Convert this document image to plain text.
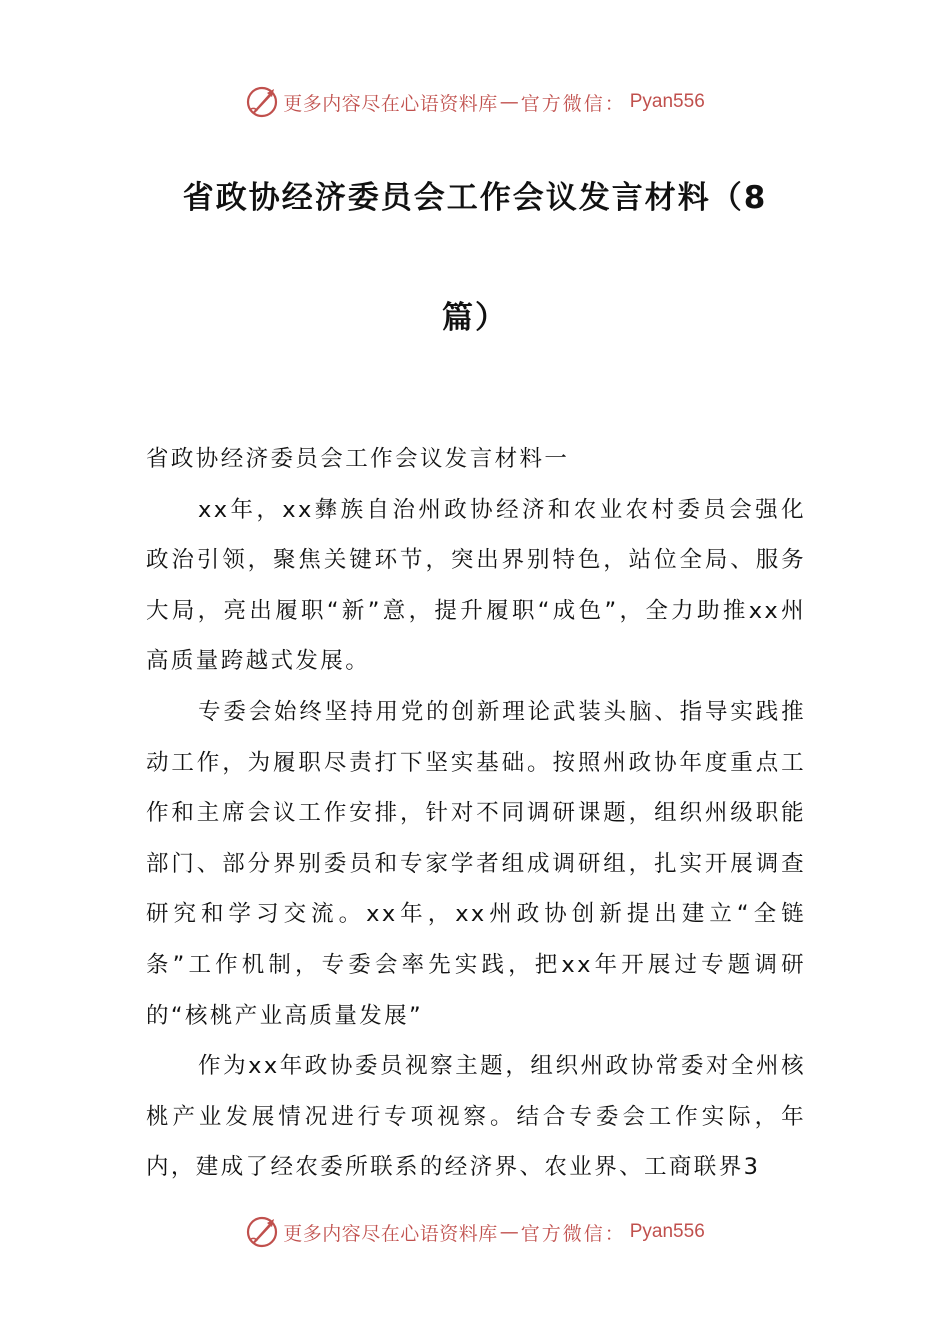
更多内容尽在心语资料库 — 官方微信： Pyan556
省政协经济委员会工作会议发言材料（8
篇）

省政协经济委员会工作会议发言材料一

xx年，xx彝族自治州政协经济和农业农村委员会强化政治引领，聚焦关键环节，突出界别特色，站位全局、服务大局，亮出履职“新”意，提升履职“成色”，全力助推xx州高质量跨越式发展。

专委会始终坚持用党的创新理论武装头脑、指导实践推动工作，为履职尽责打下坚实基础。按照州政协年度重点工作和主席会议工作安排，针对不同调研课题，组织州级职能部门、部分界别委员和专家学者组成调研组，扎实开展调查研究和学习交流。xx年，xx州政协创新提出建立“全链条”工作机制，专委会率先实践，把xx年开展过专题调研的“核桃产业高质量发展”

作为xx年政协委员视察主题，组织州政协常委对全州核桃产业发展情况进行专项视察。结合专委会工作实际，年内，建成了经农委所联系的经济界、农业界、工商联界3

更多内容尽在心语资料库 — 官方微信： Pyan556
